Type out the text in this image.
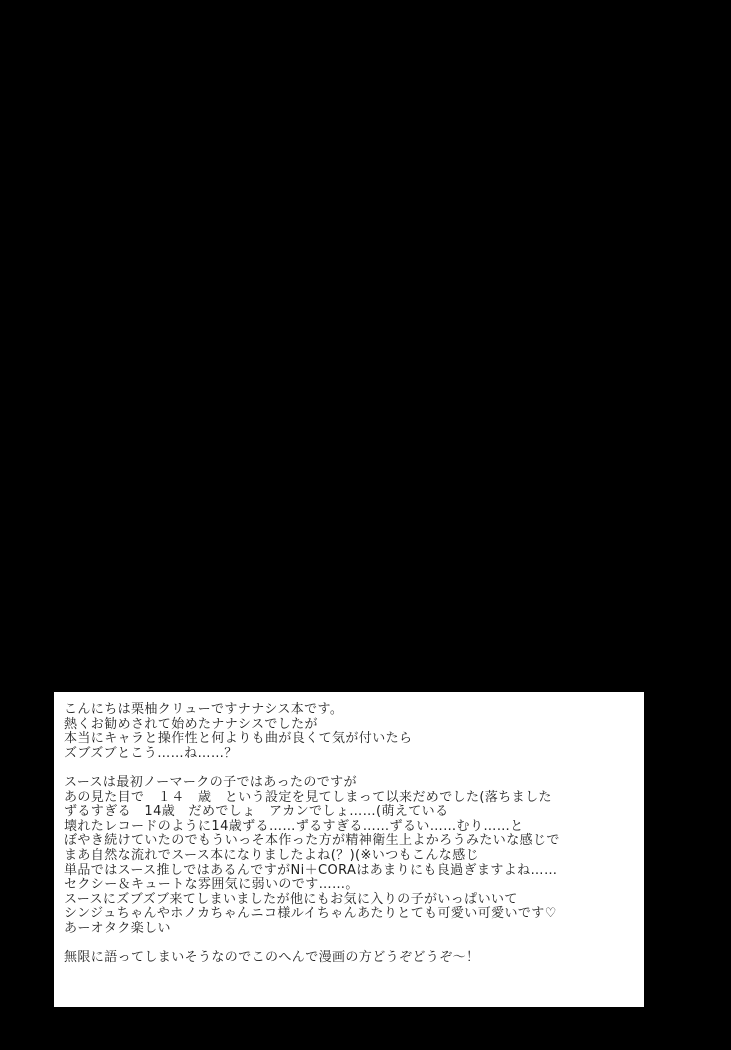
こんにちは栗柚クリューですナナシス本です。
熱くお勧めされて始めたナナシスでしたが
本当にキャラと操作性と何よりも曲が良くて気が付いたら
ズブズブとこう……ね……？
スースは最初ノーマークの子ではあったのですが
あの見た目で　１４　歳　という設定を見てしまって以来だめでした(落ちました
ずるすぎる　14歳　だめでしょ　アカンでしょ……(萌えている
壊れたレコードのように14歳ずる……ずるすぎる……ずるい……むり……と
ぼやき続けていたのでもういっそ本作った方が精神衛生上よかろうみたいな感じで
まあ自然な流れでスース本になりましたよね(？)(※いつもこんな感じ
単品ではスース推しではあるんですがNi＋CORAはあまりにも良過ぎますよね……
セクシー＆キュートな雰囲気に弱いのです……。
スースにズブズブ来てしまいましたが他にもお気に入りの子がいっぱいいて
シンジュちゃんやホノカちゃんニコ様ルイちゃんあたりとても可愛い可愛いです♡
あーオタク楽しい
無限に語ってしまいそうなのでこのへんで漫画の方どうぞどうぞ～！
